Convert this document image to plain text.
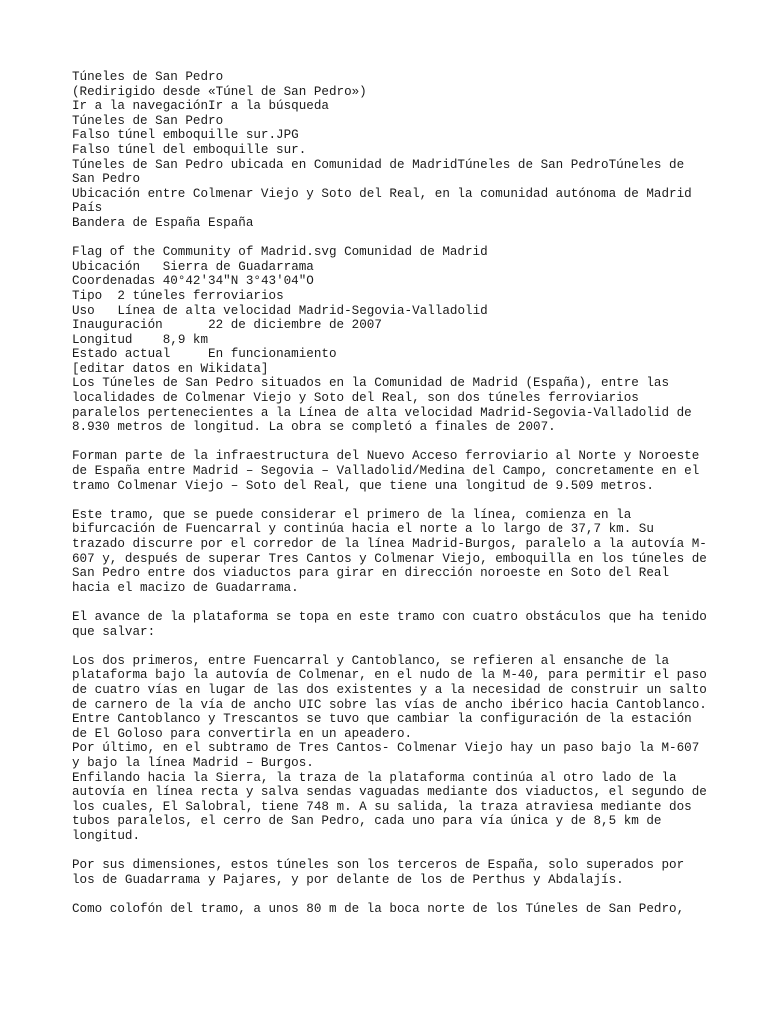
Túneles de San Pedro
(Redirigido desde «Túnel de San Pedro»)
Ir a la navegaciónIr a la búsqueda
Túneles de San Pedro
Falso túnel emboquille sur.JPG
Falso túnel del emboquille sur.
Túneles de San Pedro ubicada en Comunidad de MadridTúneles de San PedroTúneles de San Pedro
Ubicación entre Colmenar Viejo y Soto del Real, en la comunidad autónoma de Madrid
País
Bandera de España España
Flag of the Community of Madrid.svg Comunidad de Madrid
Ubicación Sierra de Guadarrama
Coordenadas 40°42′34″N 3°43′04″O
Tipo 2 túneles ferroviarios
Uso Línea de alta velocidad Madrid-Segovia-Valladolid
Inauguración	22 de diciembre de 2007
Longitud 8,9 km
Estado actual	En funcionamiento
[editar datos en Wikidata]
Los Túneles de San Pedro situados en la Comunidad de Madrid (España), entre las localidades de Colmenar Viejo y Soto del Real, son dos túneles ferroviarios paralelos pertenecientes a la Línea de alta velocidad Madrid-Segovia-Valladolid de 8.930 metros de longitud. La obra se completó a finales de 2007.
Forman parte de la infraestructura del Nuevo Acceso ferroviario al Norte y Noroeste de España entre Madrid – Segovia – Valladolid/Medina del Campo, concretamente en el tramo Colmenar Viejo – Soto del Real, que tiene una longitud de 9.509 metros.
Este tramo, que se puede considerar el primero de la línea, comienza en la bifurcación de Fuencarral y continúa hacia el norte a lo largo de 37,7 km. Su trazado discurre por el corredor de la línea Madrid-Burgos, paralelo a la autovía M-607 y, después de superar Tres Cantos y Colmenar Viejo, emboquilla en los túneles de San Pedro entre dos viaductos para girar en dirección noroeste en Soto del Real hacia el macizo de Guadarrama.
El avance de la plataforma se topa en este tramo con cuatro obstáculos que ha tenido que salvar:
Los dos primeros, entre Fuencarral y Cantoblanco, se refieren al ensanche de la plataforma bajo la autovía de Colmenar, en el nudo de la M-40, para permitir el paso de cuatro vías en lugar de las dos existentes y a la necesidad de construir un salto de carnero de la vía de ancho UIC sobre las vías de ancho ibérico hacia Cantoblanco.
Entre Cantoblanco y Trescantos se tuvo que cambiar la configuración de la estación de El Goloso para convertirla en un apeadero.
Por último, en el subtramo de Tres Cantos- Colmenar Viejo hay un paso bajo la M-607 y bajo la línea Madrid – Burgos.
Enfilando hacia la Sierra, la traza de la plataforma continúa al otro lado de la autovía en línea recta y salva sendas vaguadas mediante dos viaductos, el segundo de los cuales, El Salobral, tiene 748 m. A su salida, la traza atraviesa mediante dos tubos paralelos, el cerro de San Pedro, cada uno para vía única y de 8,5 km de longitud.
Por sus dimensiones, estos túneles son los terceros de España, solo superados por los de Guadarrama y Pajares, y por delante de los de Perthus y Abdalajís.
Como colofón del tramo, a unos 80 m de la boca norte de los Túneles de San Pedro,
